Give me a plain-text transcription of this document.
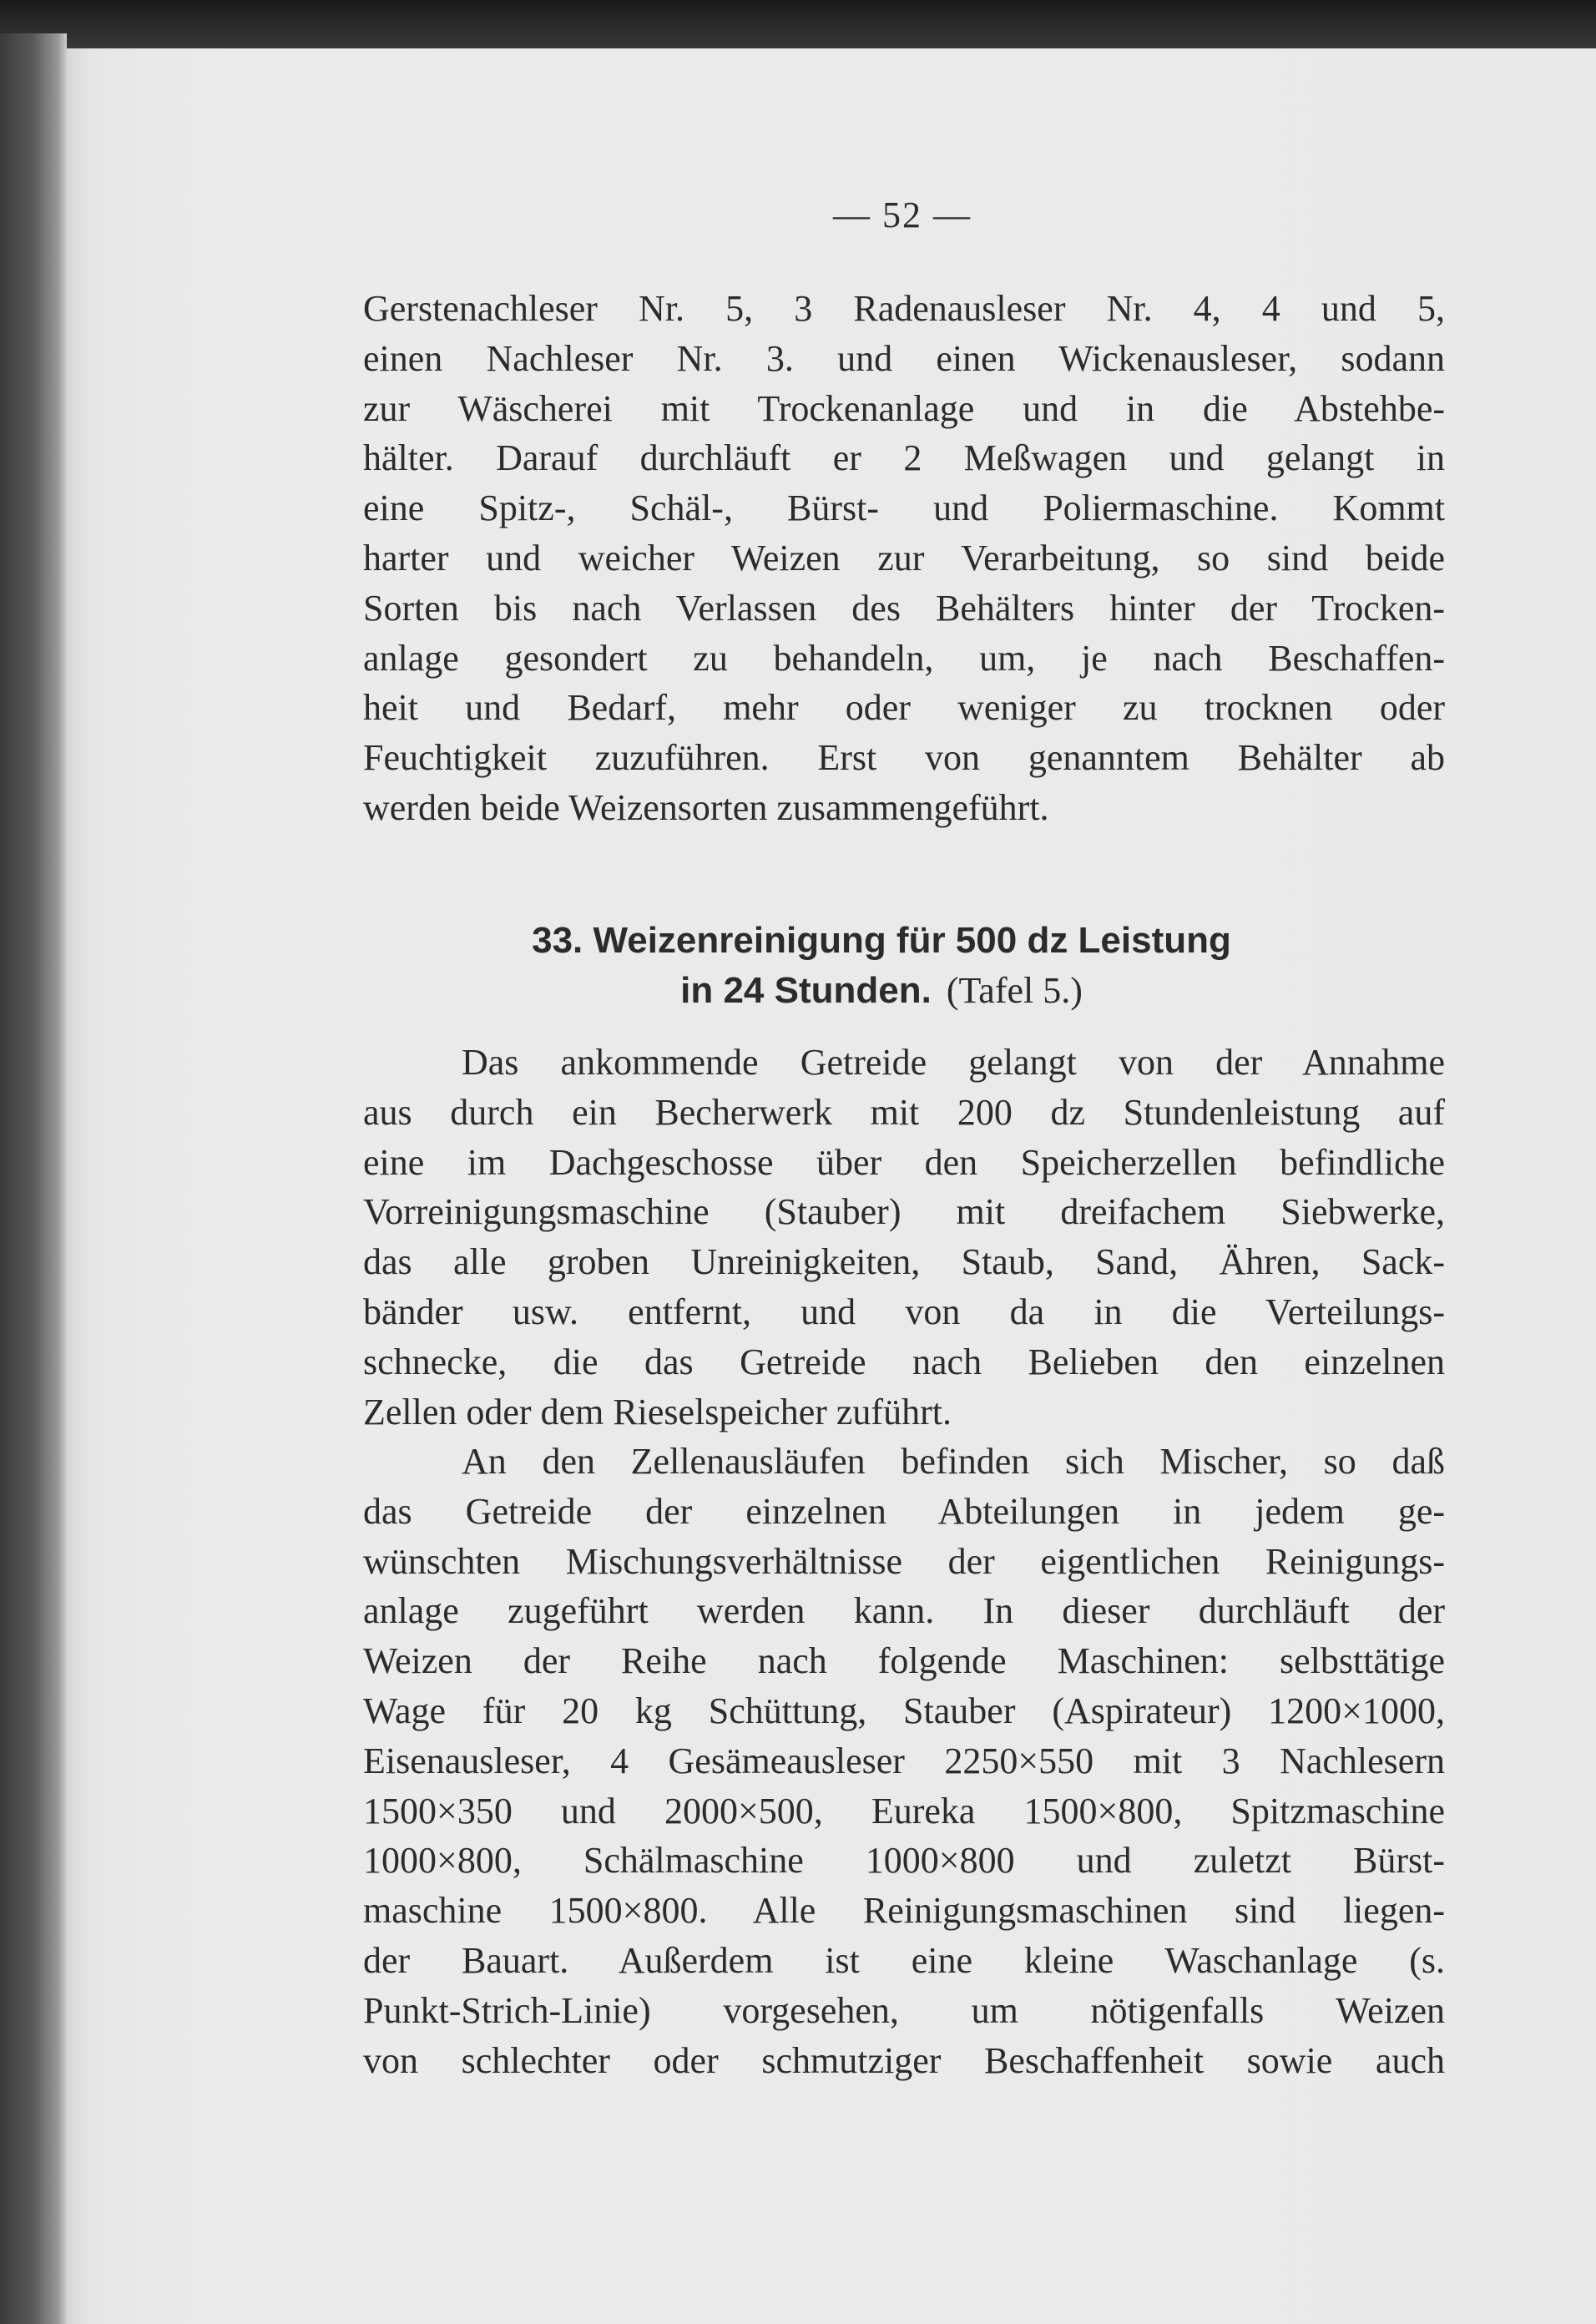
— 52 —
Gerstenachleser Nr. 5, 3 Radenausleser Nr. 4, 4 und 5,
einen Nachleser Nr. 3. und einen Wickenausleser, sodann
zur Wäscherei mit Trockenanlage und in die Abstehbe-
hälter. Darauf durchläuft er 2 Meßwagen und gelangt in
eine Spitz-, Schäl-, Bürst- und Poliermaschine. Kommt
harter und weicher Weizen zur Verarbeitung, so sind beide
Sorten bis nach Verlassen des Behälters hinter der Trocken-
anlage gesondert zu behandeln, um, je nach Beschaffen-
heit und Bedarf, mehr oder weniger zu trocknen oder
Feuchtigkeit zuzuführen. Erst von genanntem Behälter ab
werden beide Weizensorten zusammengeführt.
33. Weizenreinigung für 500 dz Leistung
in 24 Stunden. (Tafel 5.)
Das ankommende Getreide gelangt von der Annahme
aus durch ein Becherwerk mit 200 dz Stundenleistung auf
eine im Dachgeschosse über den Speicherzellen befindliche
Vorreinigungsmaschine (Stauber) mit dreifachem Siebwerke,
das alle groben Unreinigkeiten, Staub, Sand, Ähren, Sack-
bänder usw. entfernt, und von da in die Verteilungs-
schnecke, die das Getreide nach Belieben den einzelnen
Zellen oder dem Rieselspeicher zuführt.
An den Zellenausläufen befinden sich Mischer, so daß
das Getreide der einzelnen Abteilungen in jedem ge-
wünschten Mischungsverhältnisse der eigentlichen Reinigungs-
anlage zugeführt werden kann. In dieser durchläuft der
Weizen der Reihe nach folgende Maschinen: selbsttätige
Wage für 20 kg Schüttung, Stauber (Aspirateur) 1200×1000,
Eisenausleser, 4 Gesämeausleser 2250×550 mit 3 Nachlesern
1500×350 und 2000×500, Eureka 1500×800, Spitzmaschine
1000×800, Schälmaschine 1000×800 und zuletzt Bürst-
maschine 1500×800. Alle Reinigungsmaschinen sind liegen-
der Bauart. Außerdem ist eine kleine Waschanlage (s.
Punkt-Strich-Linie) vorgesehen, um nötigenfalls Weizen
von schlechter oder schmutziger Beschaffenheit sowie auch
